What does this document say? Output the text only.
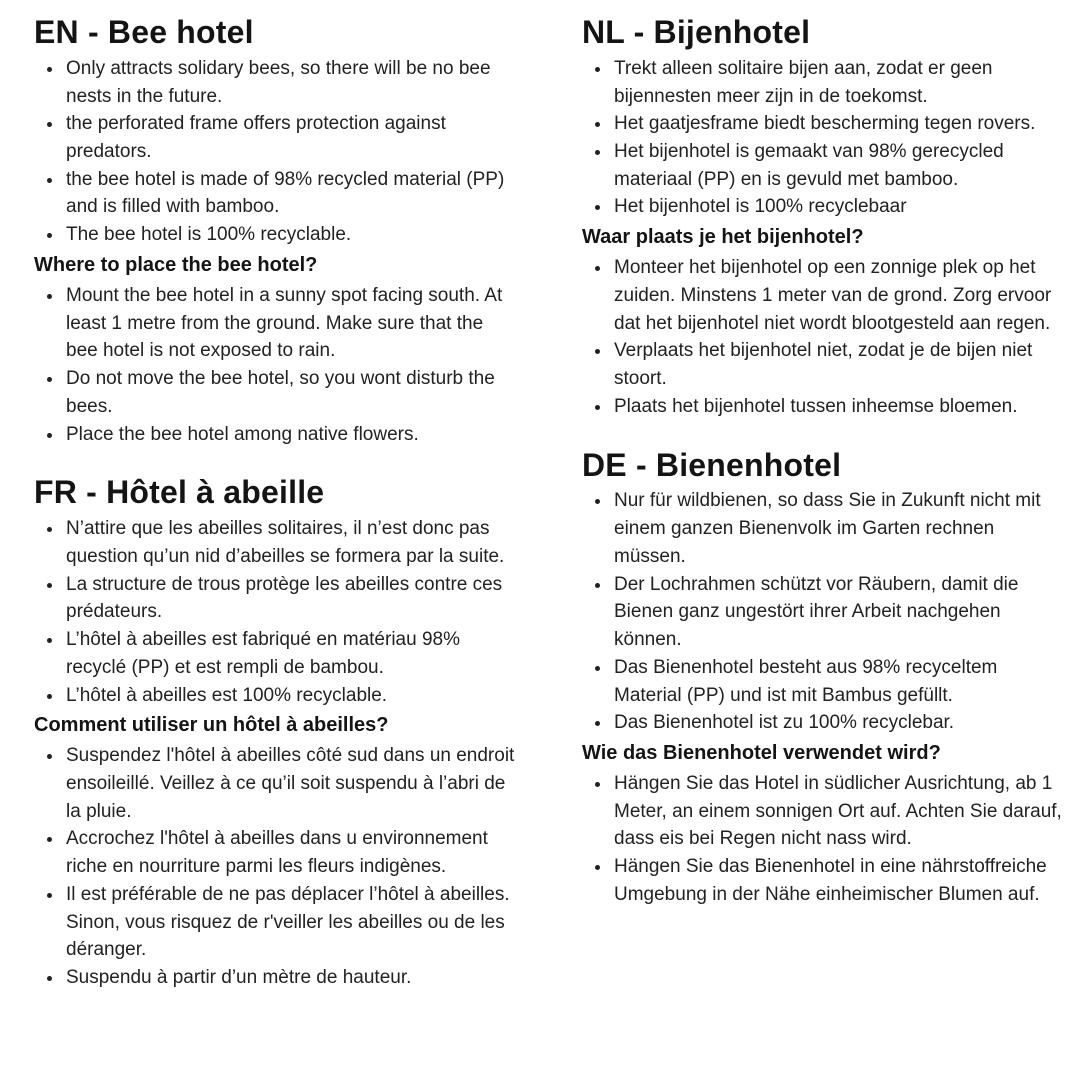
EN - Bee hotel
• Only attracts solidary bees, so there will be no bee nests in the future.
• the perforated frame offers protection against predators.
• the bee hotel is made of 98% recycled material (PP) and is filled with bamboo.
• The bee hotel is 100% recyclable.
Where to place the bee hotel?
• Mount the bee hotel in a sunny spot facing south. At least 1 metre from the ground. Make sure that the bee hotel is not exposed to rain.
• Do not move the bee hotel, so you wont disturb the bees.
• Place the bee hotel among native flowers.
FR - Hôtel à abeille
• N’attire que les abeilles solitaires, il n’est donc pas question qu’un nid d’abeilles se formera par la suite.
• La structure de trous protège les abeilles contre ces prédateurs.
• L’hôtel à abeilles est fabriqué en matériau 98% recyclé (PP) et est rempli de bambou.
• L’hôtel à abeilles est 100% recyclable.
Comment utiliser un hôtel à abeilles?
• Suspendez l'hôtel à abeilles côté sud dans un endroit ensoileillé. Veillez à ce qu’il soit suspendu à l’abri de la pluie.
• Accrochez l'hôtel à abeilles dans u environnement riche en nourriture parmi les fleurs indigènes.
• Il est préférable de ne pas déplacer l’hôtel à abeilles. Sinon, vous risquez de r'veiller les abeilles ou de les déranger.
• Suspendu à partir d’un mètre de hauteur.
NL - Bijenhotel
• Trekt alleen solitaire bijen aan, zodat er geen bijennesten meer zijn in de toekomst.
• Het gaatjesframe biedt bescherming tegen rovers.
• Het bijenhotel is gemaakt van 98% gerecycled materiaal (PP) en is gevuld met bamboo.
• Het bijenhotel is 100% recyclebaar
Waar plaats je het bijenhotel?
• Monteer het bijenhotel op een zonnige plek op het zuiden. Minstens 1 meter van de grond. Zorg ervoor dat het bijenhotel niet wordt blootgesteld aan regen.
• Verplaats het bijenhotel niet, zodat je de bijen niet stoort.
• Plaats het bijenhotel tussen inheemse bloemen.
DE - Bienenhotel
• Nur für wildbienen, so dass Sie in Zukunft nicht mit einem ganzen Bienenvolk im Garten rechnen müssen.
• Der Lochrahmen schützt vor Räubern, damit die Bienen ganz ungestört ihrer Arbeit nachgehen können.
• Das Bienenhotel besteht aus 98% recyceltem Material (PP) und ist mit Bambus gefüllt.
• Das Bienenhotel ist zu 100% recyclebar.
Wie das Bienenhotel verwendet wird?
• Hängen Sie das Hotel in südlicher Ausrichtung, ab 1 Meter, an einem sonnigen Ort auf. Achten Sie darauf, dass eis bei Regen nicht nass wird.
• Hängen Sie das Bienenhotel in eine nährstoffreiche Umgebung in der Nähe einheimischer Blumen auf.
